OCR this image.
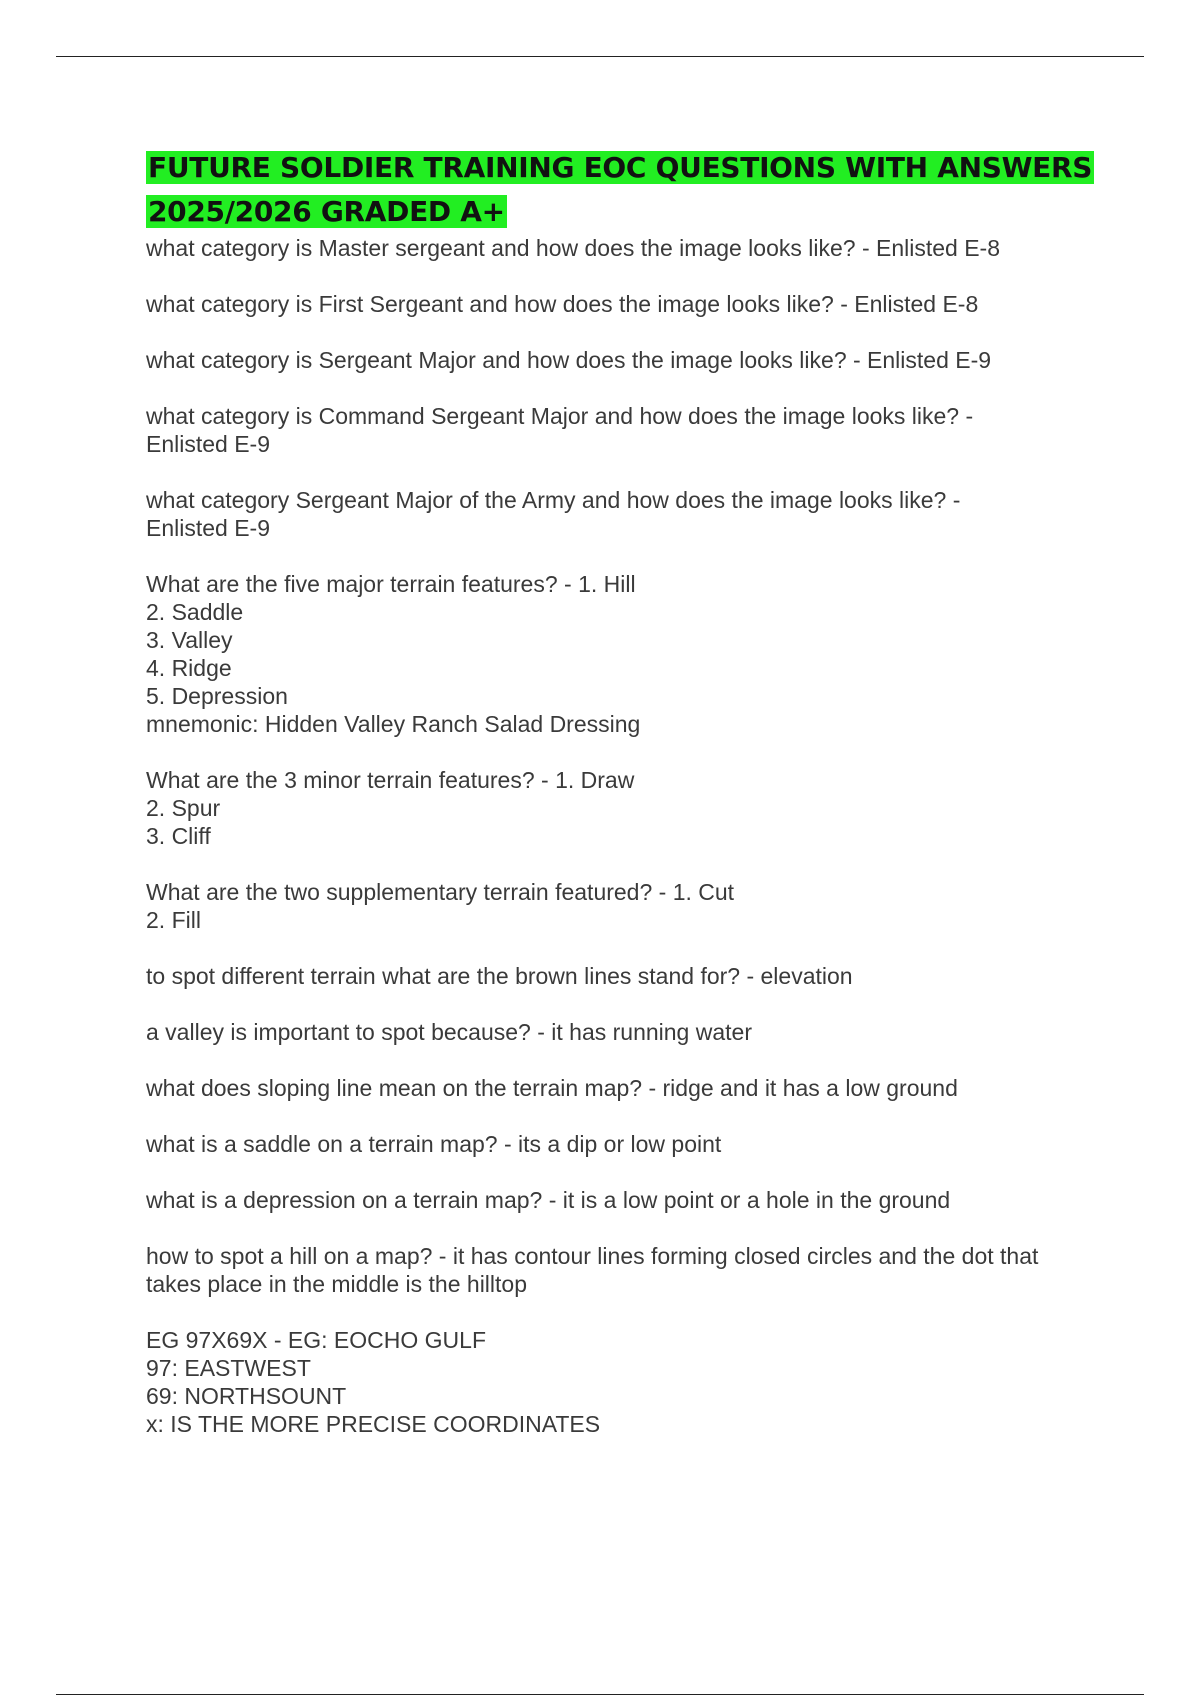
FUTURE SOLDIER TRAINING EOC QUESTIONS WITH ANSWERS 2025/2026 GRADED A+

what category is Master sergeant and how does the image looks like? - Enlisted E-8

what category is First Sergeant and how does the image looks like? - Enlisted E-8

what category is Sergeant Major and how does the image looks like? - Enlisted E-9

what category is Command Sergeant Major and how does the image looks like? -
Enlisted E-9

what category Sergeant Major of the Army and how does the image looks like? -
Enlisted E-9

What are the five major terrain features? - 1. Hill
2. Saddle
3. Valley
4. Ridge
5. Depression
mnemonic: Hidden Valley Ranch Salad Dressing

What are the 3 minor terrain features? - 1. Draw
2. Spur
3. Cliff

What are the two supplementary terrain featured? - 1. Cut
2. Fill

to spot different terrain what are the brown lines stand for? - elevation

a valley is important to spot because? - it has running water

what does sloping line mean on the terrain map? - ridge and it has a low ground

what is a saddle on a terrain map? - its a dip or low point

what is a depression on a terrain map? - it is a low point or a hole in the ground

how to spot a hill on a map? - it has contour lines forming closed circles and the dot that
takes place in the middle is the hilltop

EG 97X69X - EG: EOCHO GULF
97: EASTWEST
69: NORTHSOUNT
x: IS THE MORE PRECISE COORDINATES
